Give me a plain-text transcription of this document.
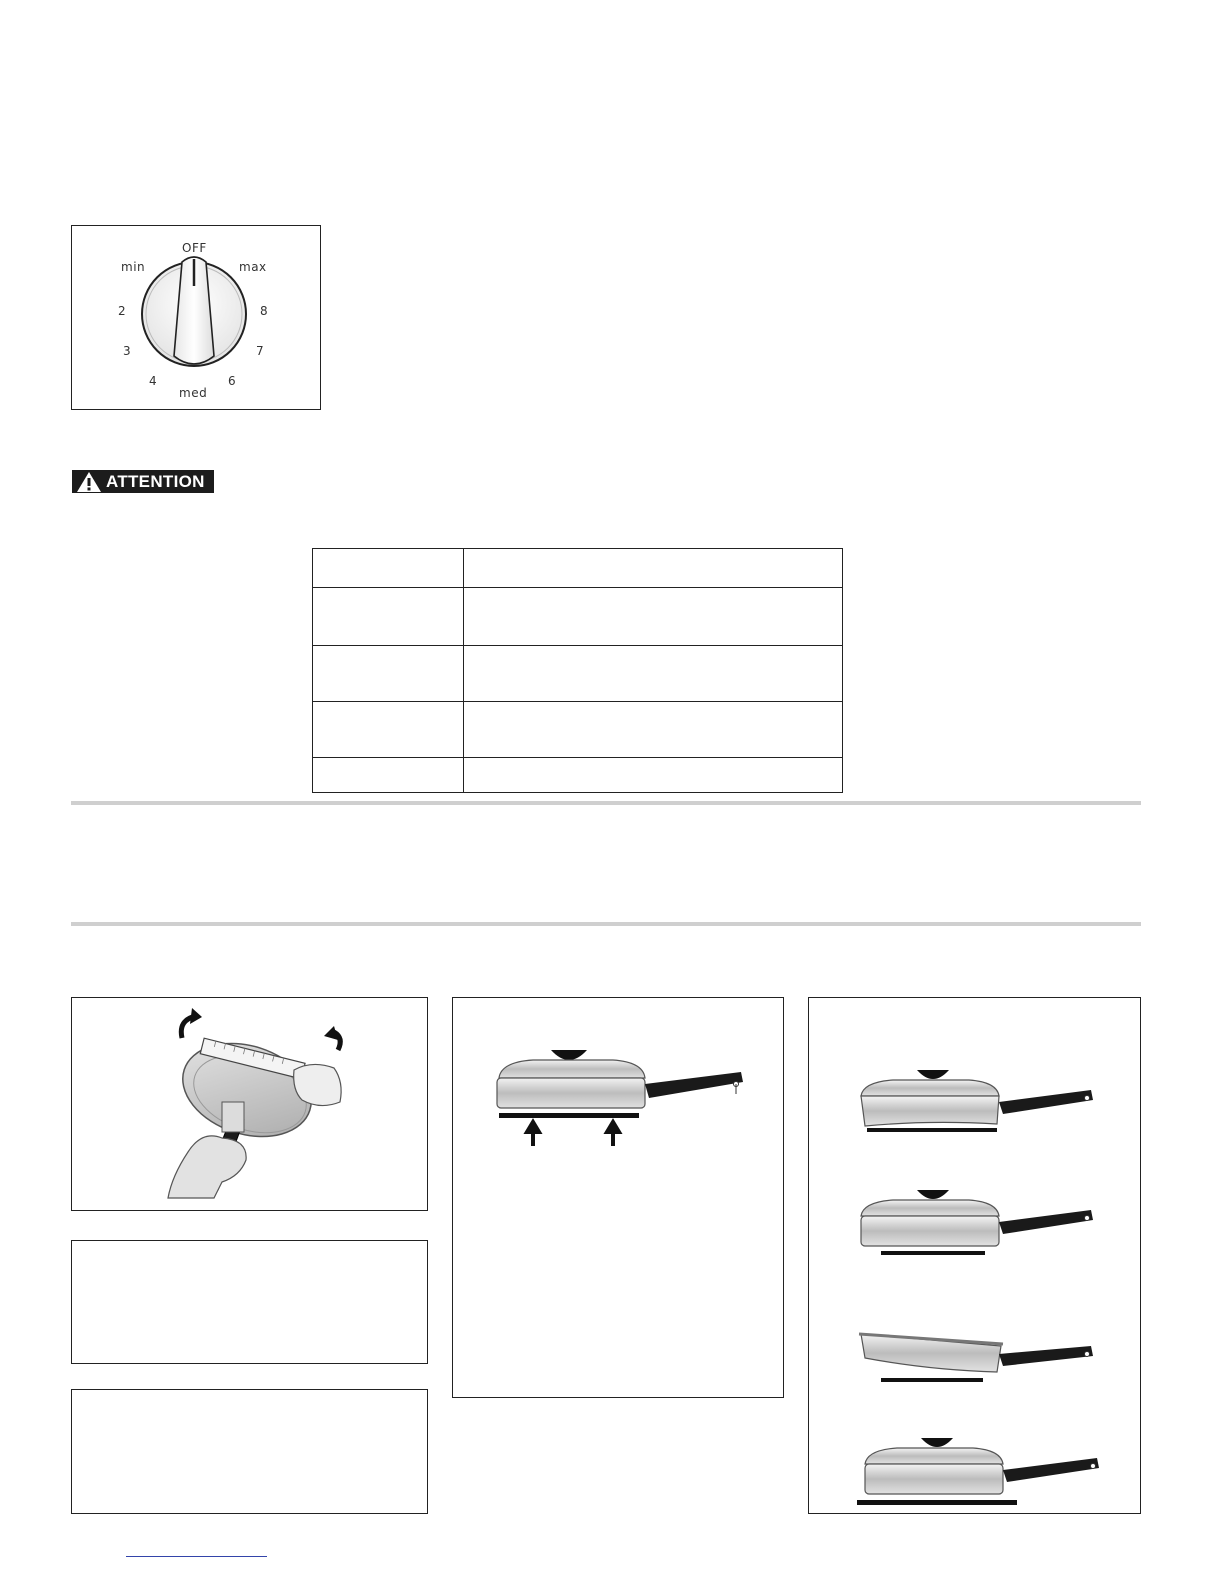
OFF
min	max
2	8
3	7
4	6
med
ATTENTION
